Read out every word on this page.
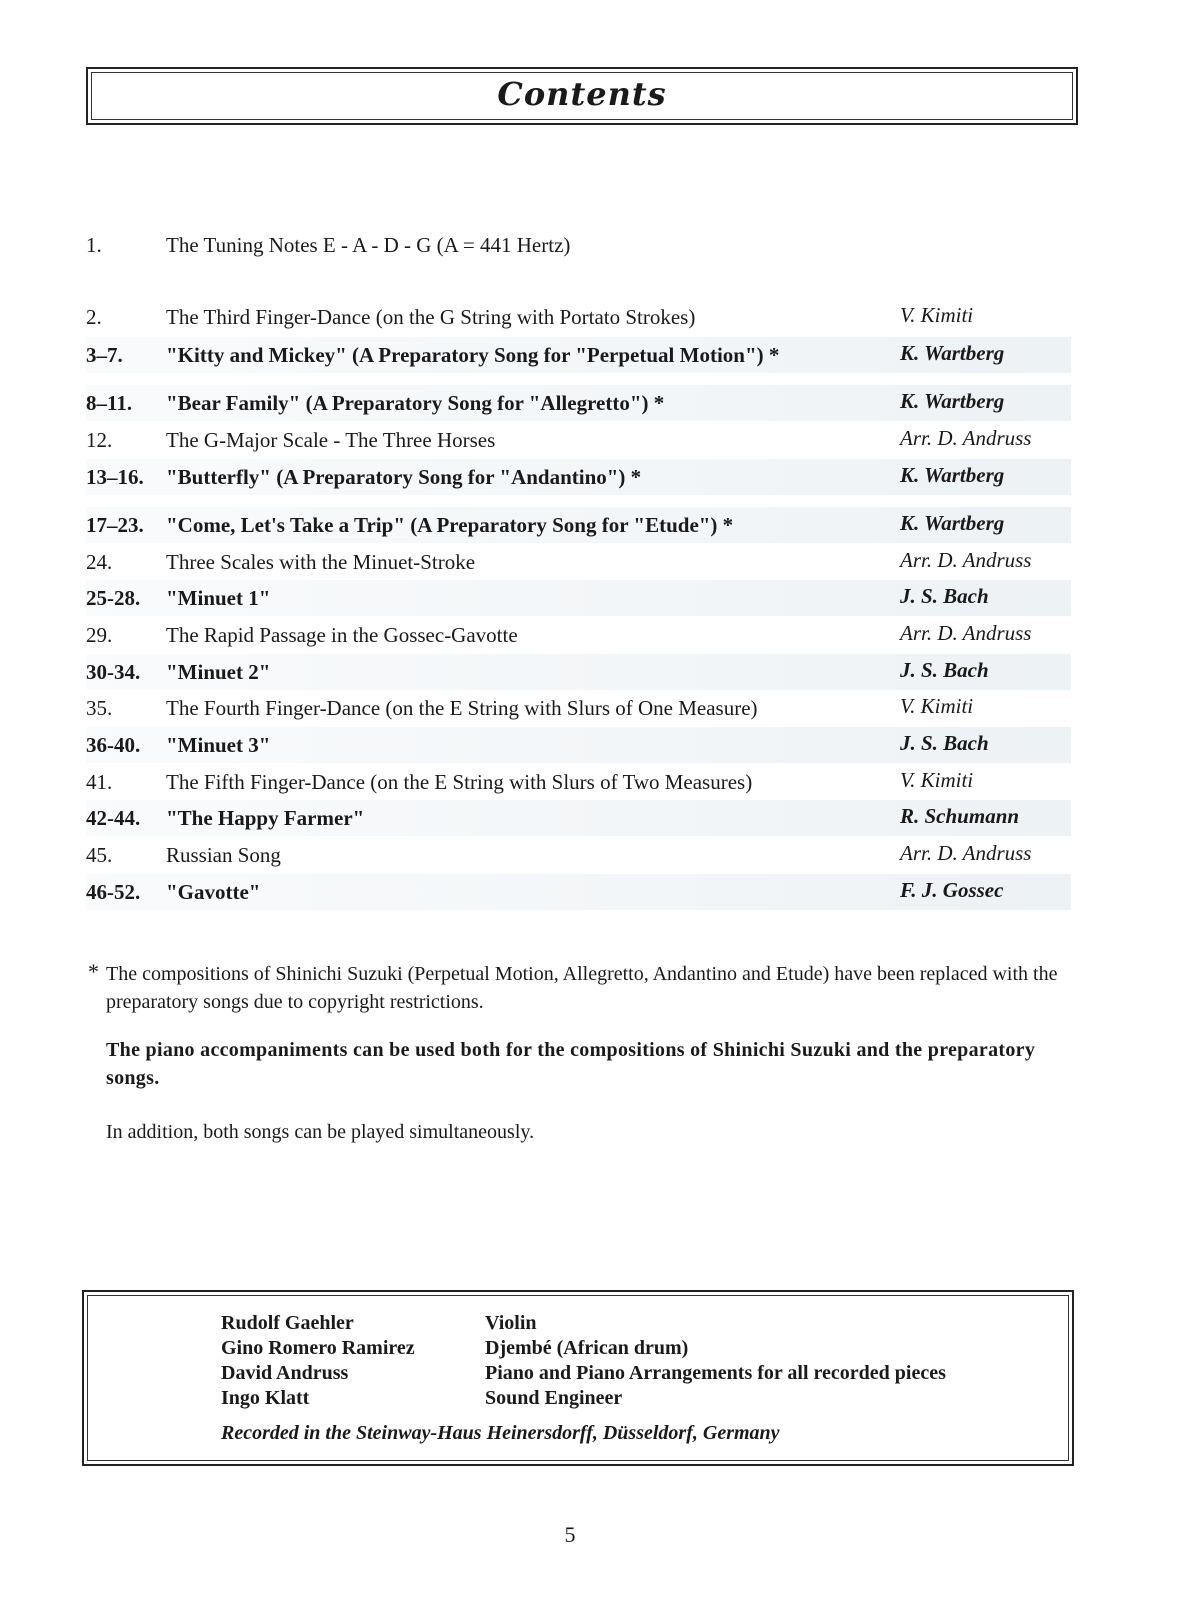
Contents
1.	The Tuning Notes E - A - D - G (A = 441 Hertz)
2.	The Third Finger-Dance (on the G String with Portato Strokes)	V. Kimiti
3–7. "Kitty and Mickey" (A Preparatory Song for "Perpetual Motion") *	K. Wartberg
8–11. "Bear Family" (A Preparatory Song for "Allegretto") *	K. Wartberg
12.	The G-Major Scale - The Three Horses	Arr. D. Andruss
13–16. "Butterfly" (A Preparatory Song for "Andantino") *	K. Wartberg
17–23. "Come, Let's Take a Trip" (A Preparatory Song for "Etude") *	K. Wartberg
24.	Three Scales with the Minuet-Stroke	Arr. D. Andruss
25-28. "Minuet 1"	J. S. Bach
29.	The Rapid Passage in the Gossec-Gavotte	Arr. D. Andruss
30-34. "Minuet 2"	J. S. Bach
35.	The Fourth Finger-Dance (on the E String with Slurs of One Measure)	V. Kimiti
36-40. "Minuet 3"	J. S. Bach
41.	The Fifth Finger-Dance (on the E String with Slurs of Two Measures)	V. Kimiti
42-44. "The Happy Farmer"	R. Schumann
45.	Russian Song	Arr. D. Andruss
46-52. "Gavotte"	F. J. Gossec
* The compositions of Shinichi Suzuki (Perpetual Motion, Allegretto, Andantino and Etude) have been replaced with the preparatory songs due to copyright restrictions.
The piano accompaniments can be used both for the compositions of Shinichi Suzuki and the preparatory songs.
In addition, both songs can be played simultaneously.
Rudolf Gaehler	Violin
Gino Romero Ramirez	Djembé (African drum)
David Andruss	Piano and Piano Arrangements for all recorded pieces
Ingo Klatt	Sound Engineer
Recorded in the Steinway-Haus Heinersdorff, Düsseldorf, Germany
5
